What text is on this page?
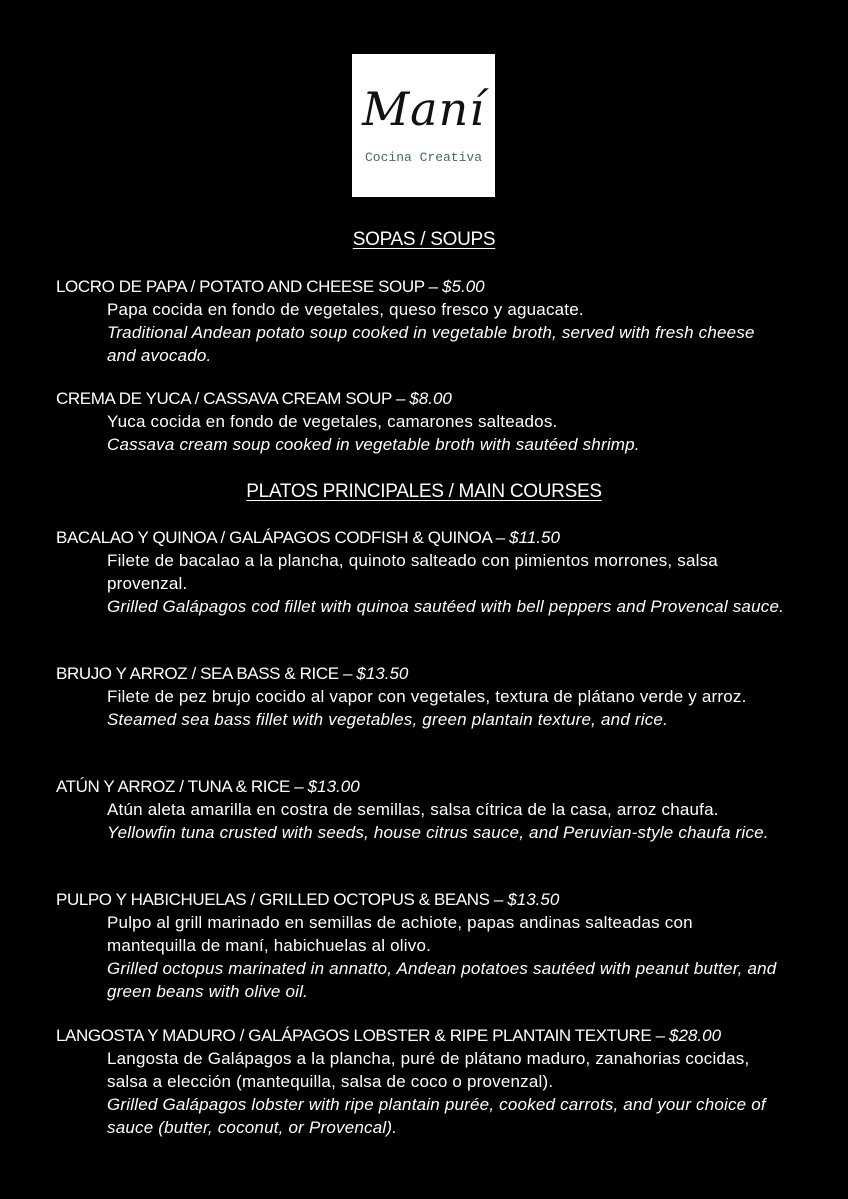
Maní
Cocina Creativa
SOPAS / SOUPS
LOCRO DE PAPA / POTATO AND CHEESE SOUP – $5.00
Papa cocida en fondo de vegetales, queso fresco y aguacate.
Traditional Andean potato soup cooked in vegetable broth, served with fresh cheese and avocado.
CREMA DE YUCA / CASSAVA CREAM SOUP – $8.00
Yuca cocida en fondo de vegetales, camarones salteados.
Cassava cream soup cooked in vegetable broth with sautéed shrimp.
PLATOS PRINCIPALES / MAIN COURSES
BACALAO Y QUINOA / GALÁPAGOS CODFISH & QUINOA – $11.50
Filete de bacalao a la plancha, quinoto salteado con pimientos morrones, salsa provenzal.
Grilled Galápagos cod fillet with quinoa sautéed with bell peppers and Provencal sauce.
BRUJO Y ARROZ / SEA BASS & RICE – $13.50
Filete de pez brujo cocido al vapor con vegetales, textura de plátano verde y arroz.
Steamed sea bass fillet with vegetables, green plantain texture, and rice.
ATÚN Y ARROZ / TUNA & RICE – $13.00
Atún aleta amarilla en costra de semillas, salsa cítrica de la casa, arroz chaufa.
Yellowfin tuna crusted with seeds, house citrus sauce, and Peruvian-style chaufa rice.
PULPO Y HABICHUELAS / GRILLED OCTOPUS & BEANS – $13.50
Pulpo al grill marinado en semillas de achiote, papas andinas salteadas con mantequilla de maní, habichuelas al olivo.
Grilled octopus marinated in annatto, Andean potatoes sautéed with peanut butter, and green beans with olive oil.
LANGOSTA Y MADURO / GALÁPAGOS LOBSTER & RIPE PLANTAIN TEXTURE – $28.00
Langosta de Galápagos a la plancha, puré de plátano maduro, zanahorias cocidas, salsa a elección (mantequilla, salsa de coco o provenzal).
Grilled Galápagos lobster with ripe plantain purée, cooked carrots, and your choice of sauce (butter, coconut, or Provencal).
